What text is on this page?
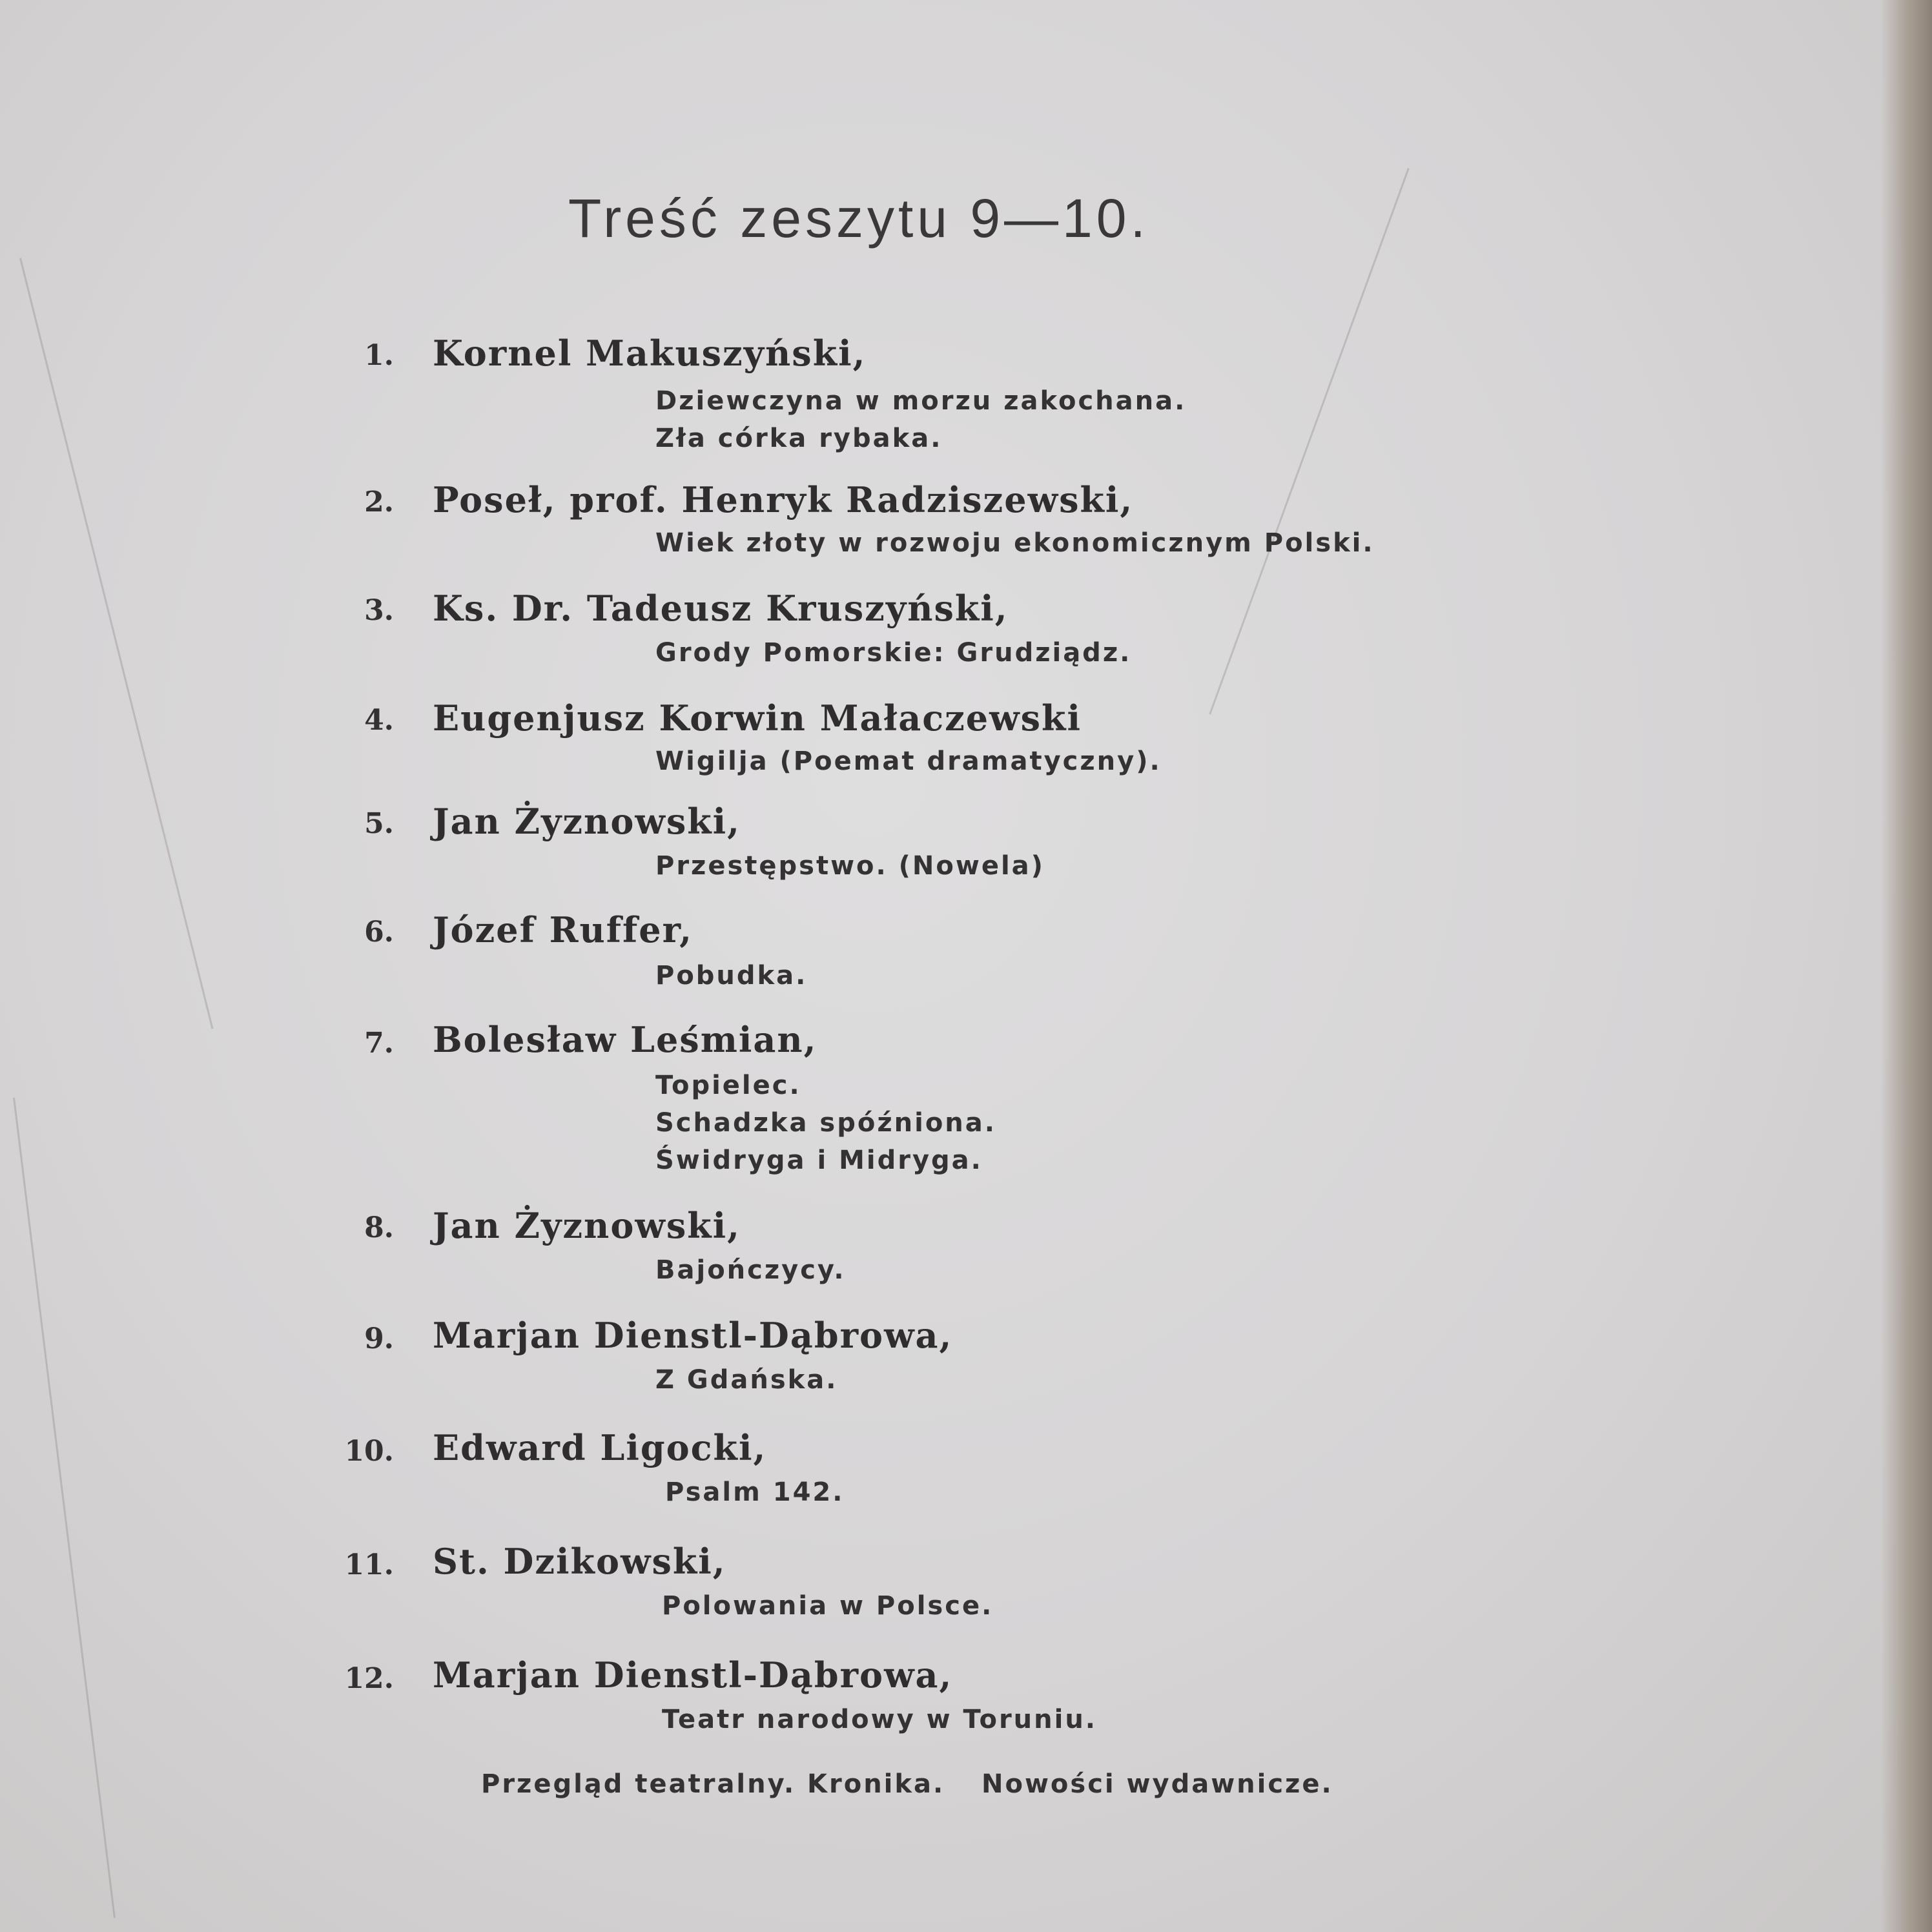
Treść zeszytu 9—10.
1. Kornel Makuszyński,
Dziewczyna w morzu zakochana.
Zła córka rybaka.
2. Poseł, prof. Henryk Radziszewski,
Wiek złoty w rozwoju ekonomicznym Polski.
3. Ks. Dr. Tadeusz Kruszyński,
Grody Pomorskie: Grudziądz.
4. Eugenjusz Korwin Małaczewski
Wigilja (Poemat dramatyczny).
5. Jan Żyznowski,
Przestępstwo. (Nowela)
6. Józef Ruffer,
Pobudka.
7. Bolesław Leśmian,
Topielec.
Schadzka spóźniona.
Świdryga i Midryga.
8. Jan Żyznowski,
Bajończycy.
9. Marjan Dienstl-Dąbrowa,
Z Gdańska.
10. Edward Ligocki,
Psalm 142.
11. St. Dzikowski,
Polowania w Polsce.
12. Marjan Dienstl-Dąbrowa,
Teatr narodowy w Toruniu.
Przegląd teatralny. Kronika. Nowości wydawnicze.
